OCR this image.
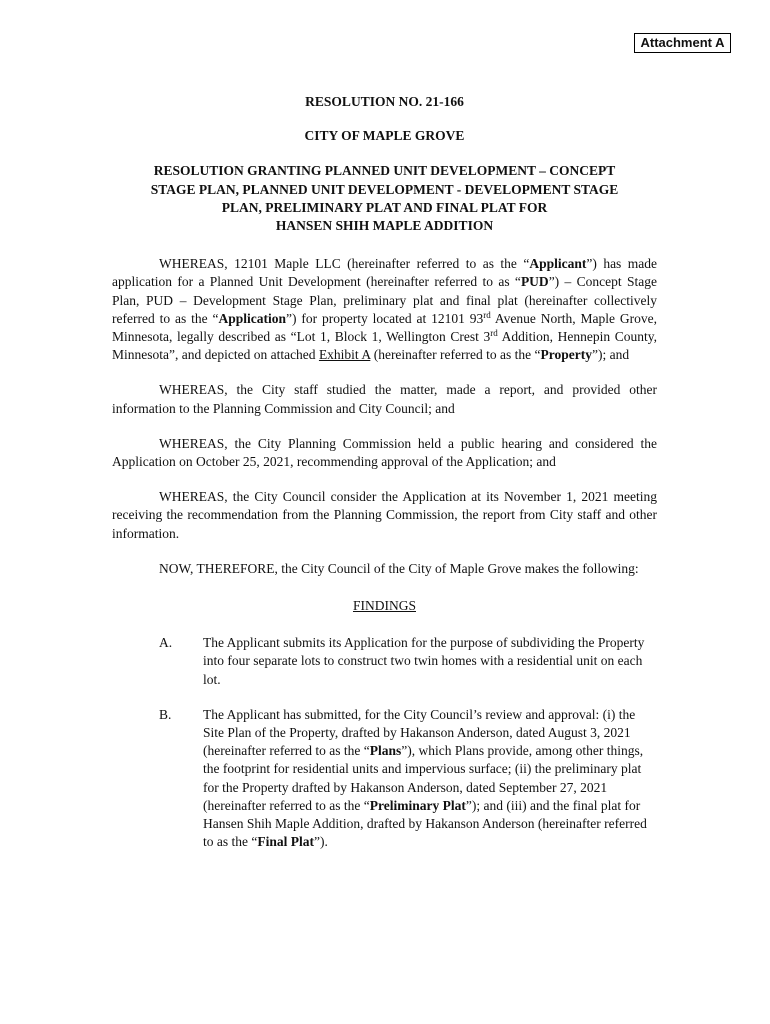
Attachment A
RESOLUTION NO. 21-166
CITY OF MAPLE GROVE
RESOLUTION GRANTING PLANNED UNIT DEVELOPMENT – CONCEPT
STAGE PLAN, PLANNED UNIT DEVELOPMENT - DEVELOPMENT STAGE
PLAN, PRELIMINARY PLAT AND FINAL PLAT FOR
HANSEN SHIH MAPLE ADDITION

WHEREAS, 12101 Maple LLC (hereinafter referred to as the “Applicant”) has made application for a Planned Unit Development (hereinafter referred to as “PUD”) – Concept Stage Plan, PUD – Development Stage Plan, preliminary plat and final plat (hereinafter collectively referred to as the “Application”) for property located at 12101 93rd Avenue North, Maple Grove, Minnesota, legally described as “Lot 1, Block 1, Wellington Crest 3rd Addition, Hennepin County, Minnesota”, and depicted on attached Exhibit A (hereinafter referred to as the “Property”); and

WHEREAS, the City staff studied the matter, made a report, and provided other information to the Planning Commission and City Council; and

WHEREAS, the City Planning Commission held a public hearing and considered the Application on October 25, 2021, recommending approval of the Application; and

WHEREAS, the City Council consider the Application at its November 1, 2021 meeting receiving the recommendation from the Planning Commission, the report from City staff and other information.

NOW, THEREFORE, the City Council of the City of Maple Grove makes the following:

FINDINGS
A.	The Applicant submits its Application for the purpose of subdividing the Property into four separate lots to construct two twin homes with a residential unit on each lot.
B.	The Applicant has submitted, for the City Council’s review and approval: (i) the Site Plan of the Property, drafted by Hakanson Anderson, dated August 3, 2021 (hereinafter referred to as the “Plans”), which Plans provide, among other things, the footprint for residential units and impervious surface; (ii) the preliminary plat for the Property drafted by Hakanson Anderson, dated September 27, 2021 (hereinafter referred to as the “Preliminary Plat”); and (iii) and the final plat for Hansen Shih Maple Addition, drafted by Hakanson Anderson (hereinafter referred to as the “Final Plat”).
